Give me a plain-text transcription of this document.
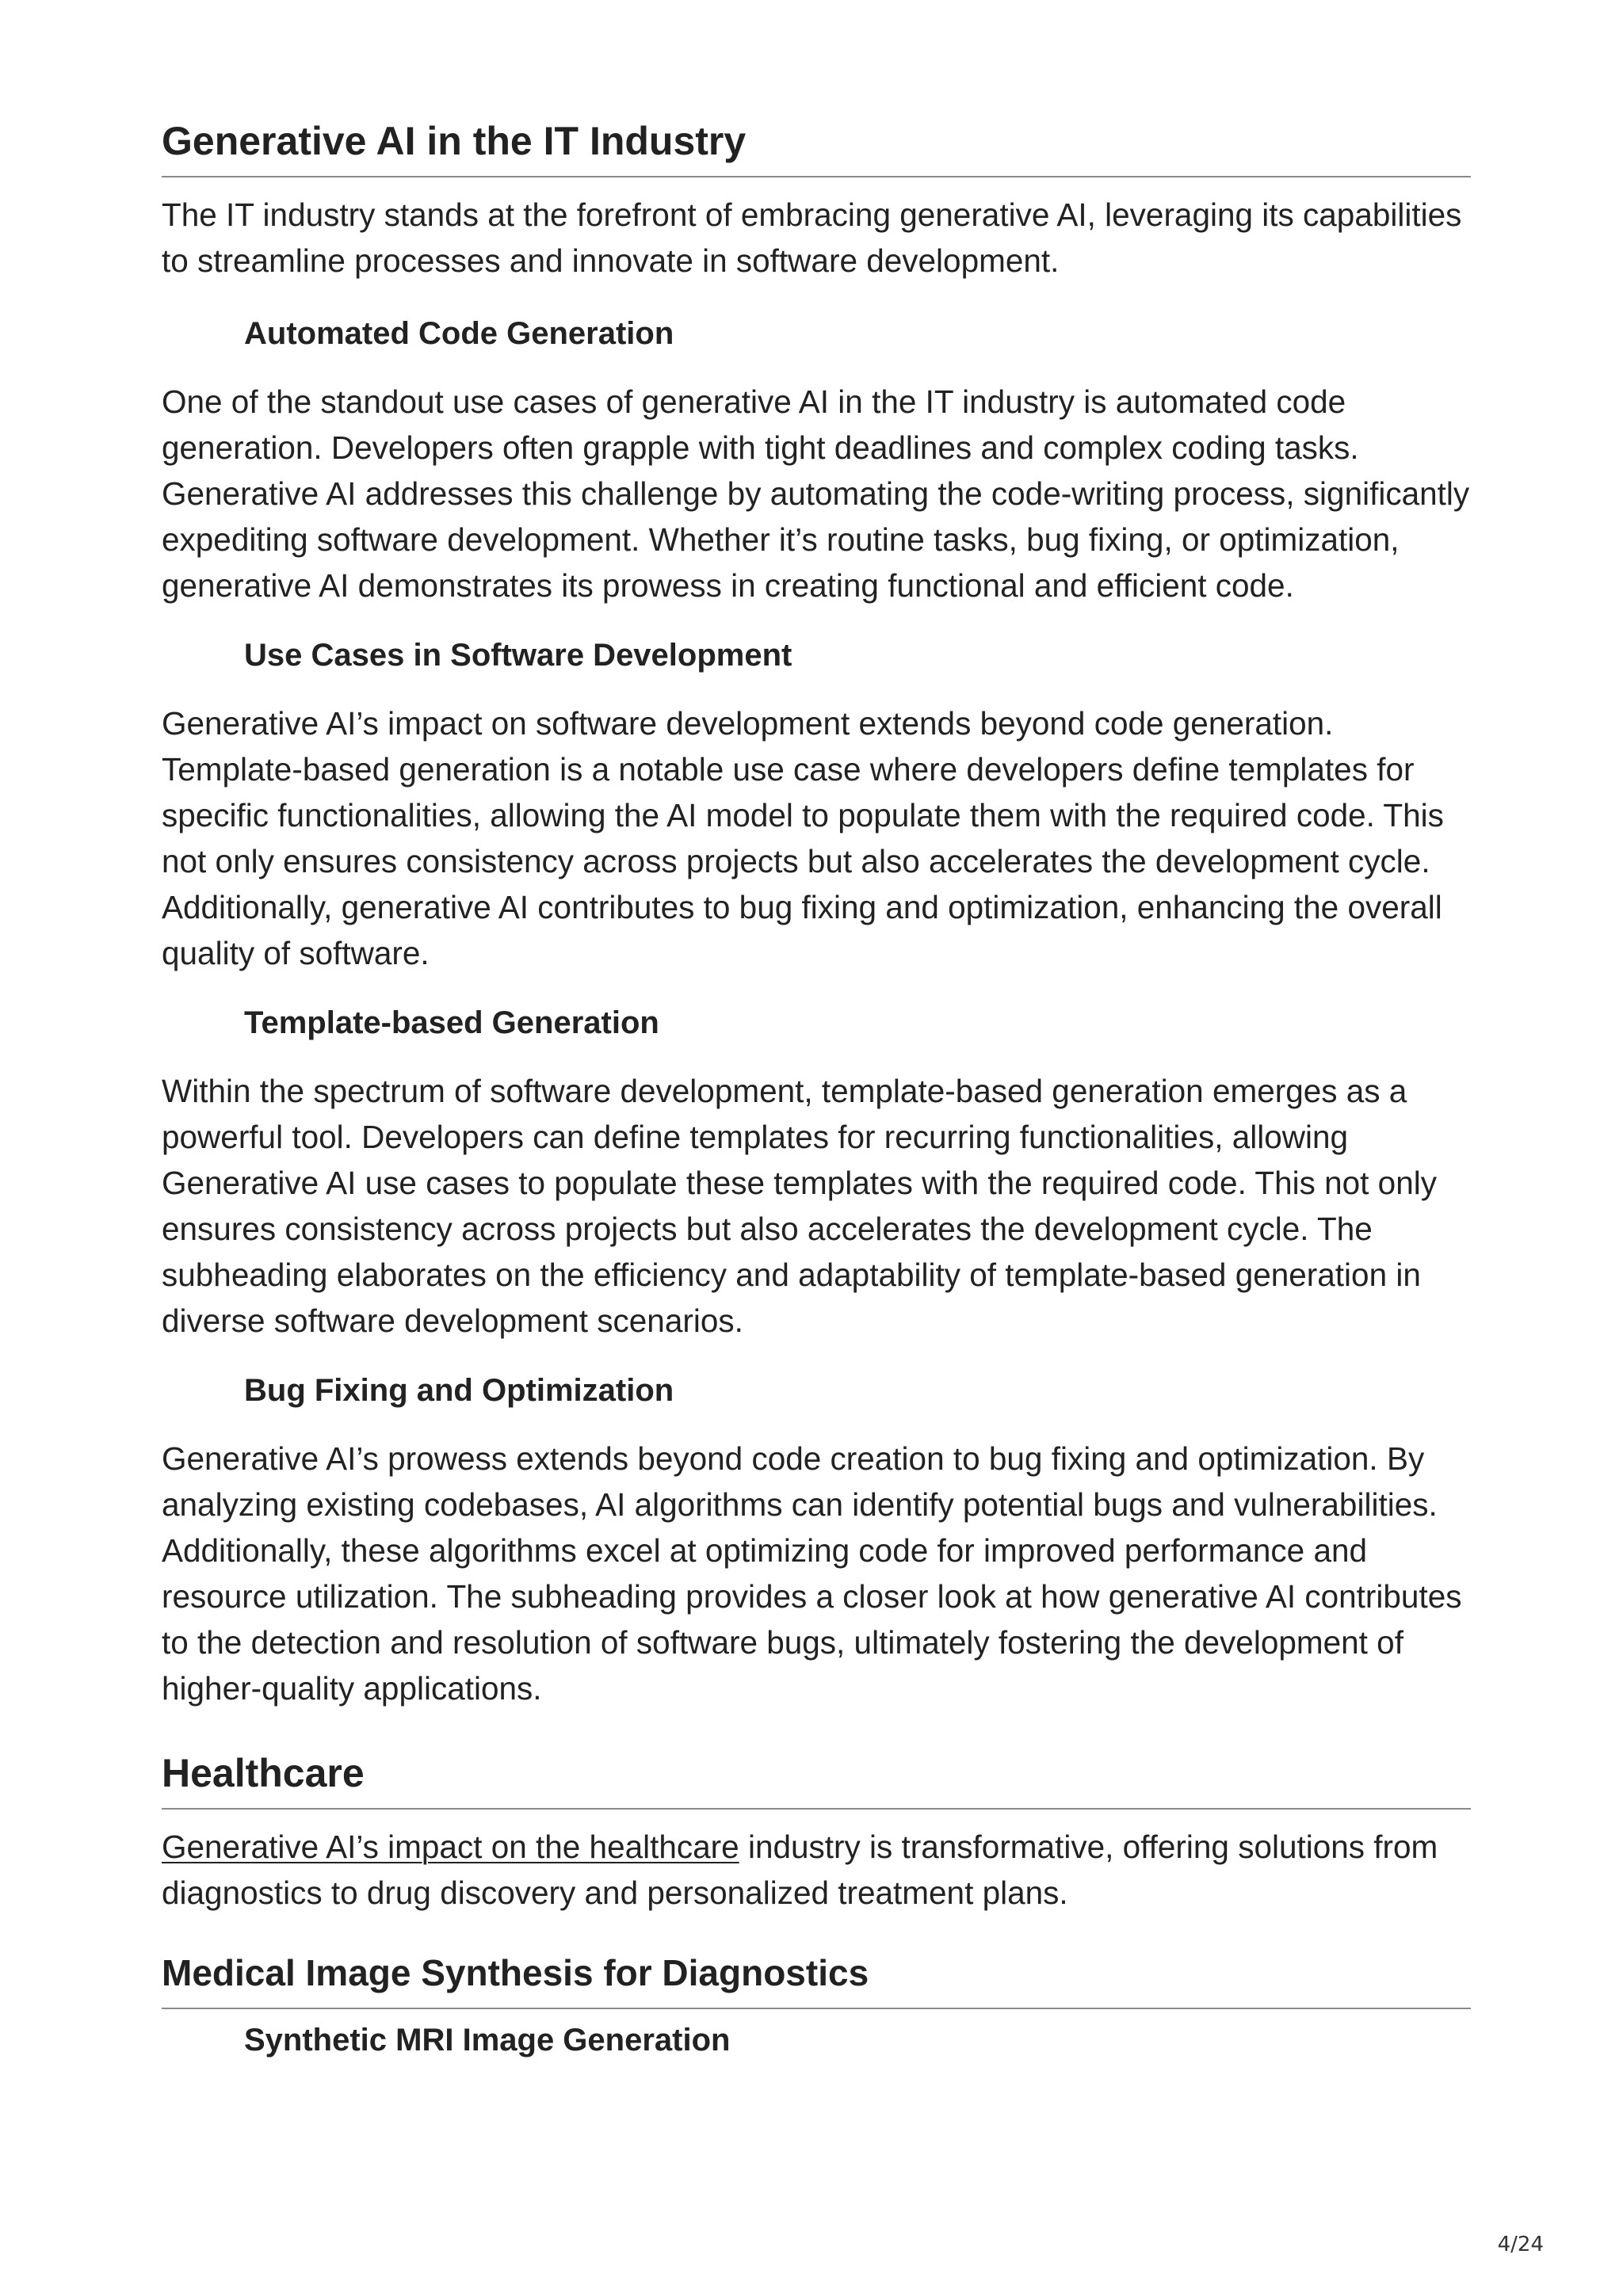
Generative AI in the IT Industry

The IT industry stands at the forefront of embracing generative AI, leveraging its capabilities to streamline processes and innovate in software development.

Automated Code Generation

One of the standout use cases of generative AI in the IT industry is automated code generation. Developers often grapple with tight deadlines and complex coding tasks. Generative AI addresses this challenge by automating the code-writing process, significantly expediting software development. Whether it’s routine tasks, bug fixing, or optimization, generative AI demonstrates its prowess in creating functional and efficient code.

Use Cases in Software Development

Generative AI’s impact on software development extends beyond code generation. Template-based generation is a notable use case where developers define templates for specific functionalities, allowing the AI model to populate them with the required code. This not only ensures consistency across projects but also accelerates the development cycle. Additionally, generative AI contributes to bug fixing and optimization, enhancing the overall quality of software.

Template-based Generation

Within the spectrum of software development, template-based generation emerges as a powerful tool. Developers can define templates for recurring functionalities, allowing Generative AI use cases to populate these templates with the required code. This not only ensures consistency across projects but also accelerates the development cycle. The subheading elaborates on the efficiency and adaptability of template-based generation in diverse software development scenarios.

Bug Fixing and Optimization

Generative AI’s prowess extends beyond code creation to bug fixing and optimization. By analyzing existing codebases, AI algorithms can identify potential bugs and vulnerabilities. Additionally, these algorithms excel at optimizing code for improved performance and resource utilization. The subheading provides a closer look at how generative AI contributes to the detection and resolution of software bugs, ultimately fostering the development of higher-quality applications.

Healthcare

Generative AI’s impact on the healthcare industry is transformative, offering solutions from diagnostics to drug discovery and personalized treatment plans.

Medical Image Synthesis for Diagnostics
Synthetic MRI Image Generation
4/24
